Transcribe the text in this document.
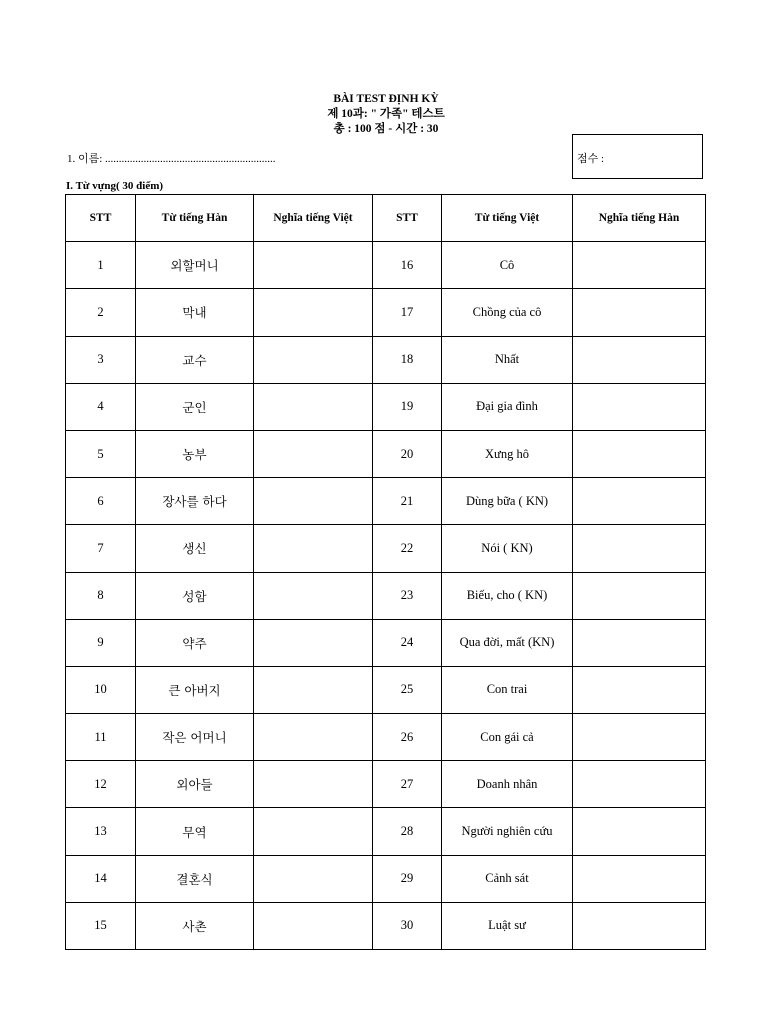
BÀI TEST ĐỊNH KỲ
제 10과: " 가족" 테스트
총 : 100 점 - 시간 : 30
1. 이름: ..............................................................	점수 :
I. Từ vựng( 30 điểm)
STT	Từ tiếng Hàn	Nghĩa tiếng Việt	STT	Từ tiếng Việt	Nghĩa tiếng Hàn
1	외할머니		16	Cô	
2	막내		17	Chồng của cô	
3	교수		18	Nhất	
4	군인		19	Đại gia đình	
5	농부		20	Xưng hô	
6	장사를 하다		21	Dùng bữa ( KN)	
7	생신		22	Nói ( KN)	
8	성함		23	Biếu, cho ( KN)	
9	약주		24	Qua đời, mất (KN)	
10	큰 아버지		25	Con trai	
11	작은 어머니		26	Con gái cả	
12	외아들		27	Doanh nhân	
13	무역		28	Người nghiên cứu	
14	결혼식		29	Cảnh sát	
15	사촌		30	Luật sư	
